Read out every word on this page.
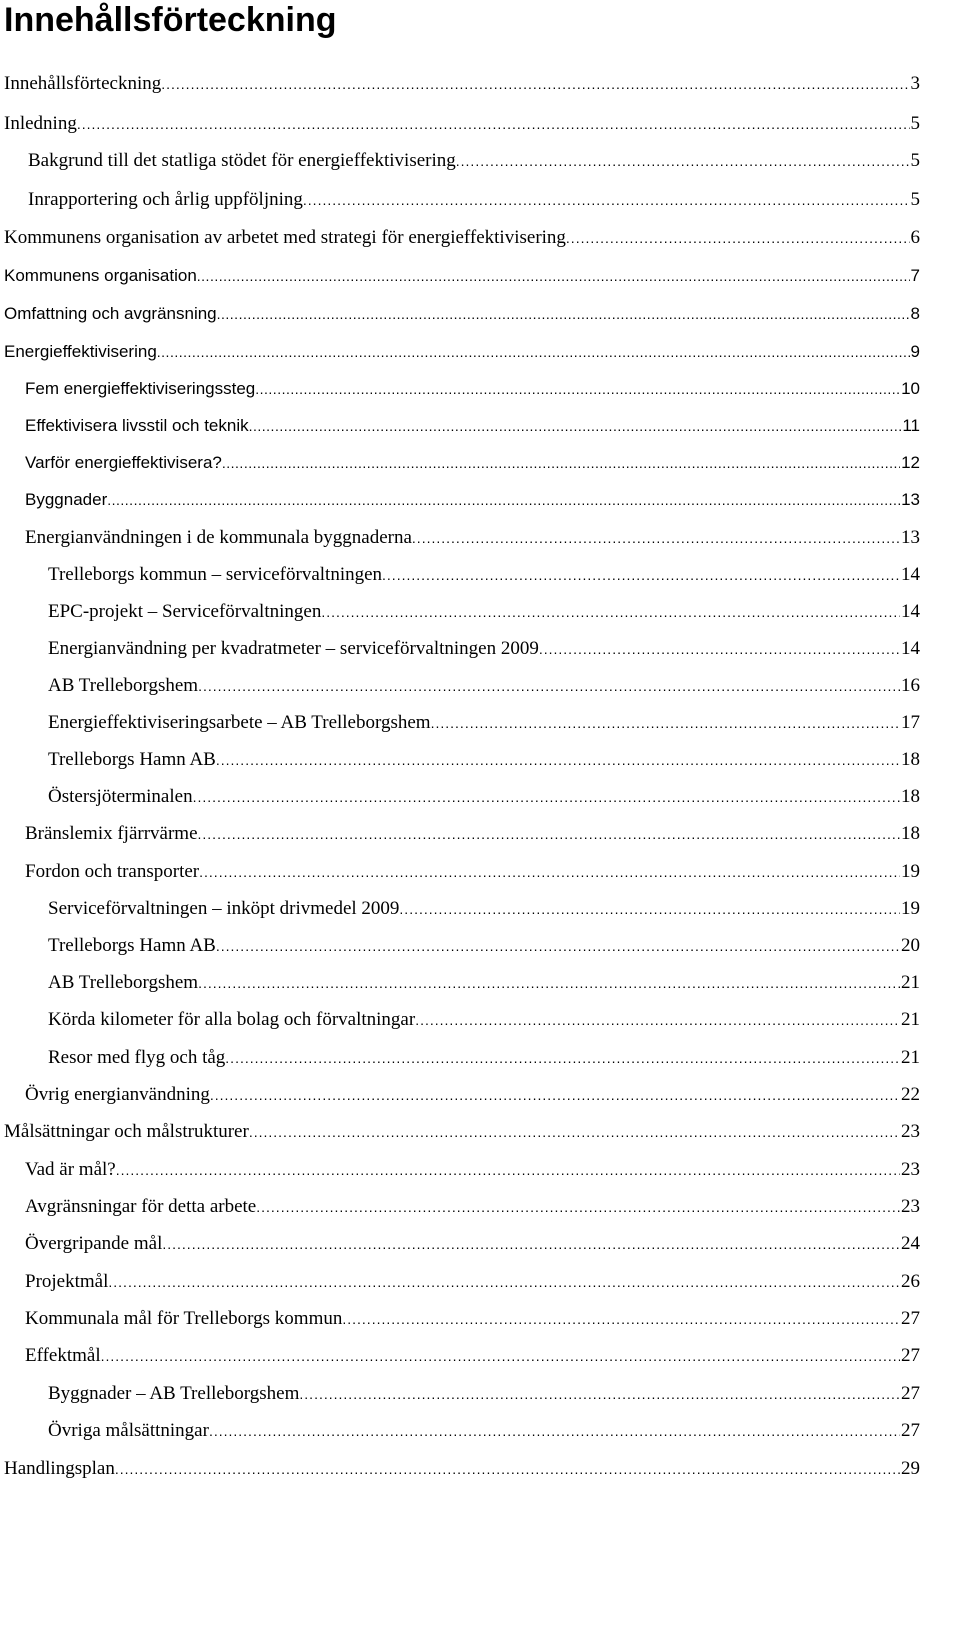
Innehållsförteckning
Innehållsförteckning .....	3
Inledning .....	5
Bakgrund till det statliga stödet för energieffektivisering .....	5
Inrapportering och årlig uppföljning .....	5
Kommunens organisation av arbetet med strategi för energieffektivisering .....	6
Kommunens organisation .....	7
Omfattning och avgränsning .....	8
Energieffektivisering .....	9
Fem energieffektiviseringssteg .....	10
Effektivisera livsstil och teknik .....	11
Varför energieffektivisera? .....	12
Byggnader .....	13
Energianvändningen i de kommunala byggnaderna .....	13
Trelleborgs kommun – serviceförvaltningen .....	14
EPC-projekt – Serviceförvaltningen .....	14
Energianvändning per kvadratmeter – serviceförvaltningen 2009 .....	14
AB Trelleborgshem .....	16
Energieffektiviseringsarbete – AB Trelleborgshem .....	17
Trelleborgs Hamn AB .....	18
Östersjöterminalen .....	18
Bränslemix fjärrvärme .....	18
Fordon och transporter .....	19
Serviceförvaltningen – inköpt drivmedel 2009 .....	19
Trelleborgs Hamn AB .....	20
AB Trelleborgshem .....	21
Körda kilometer för alla bolag och förvaltningar .....	21
Resor med flyg och tåg .....	21
Övrig energianvändning .....	22
Målsättningar och målstrukturer .....	23
Vad är mål? .....	23
Avgränsningar för detta arbete .....	23
Övergripande mål .....	24
Projektmål .....	26
Kommunala mål för Trelleborgs kommun .....	27
Effektmål .....	27
Byggnader – AB Trelleborgshem .....	27
Övriga målsättningar .....	27
Handlingsplan .....	29
